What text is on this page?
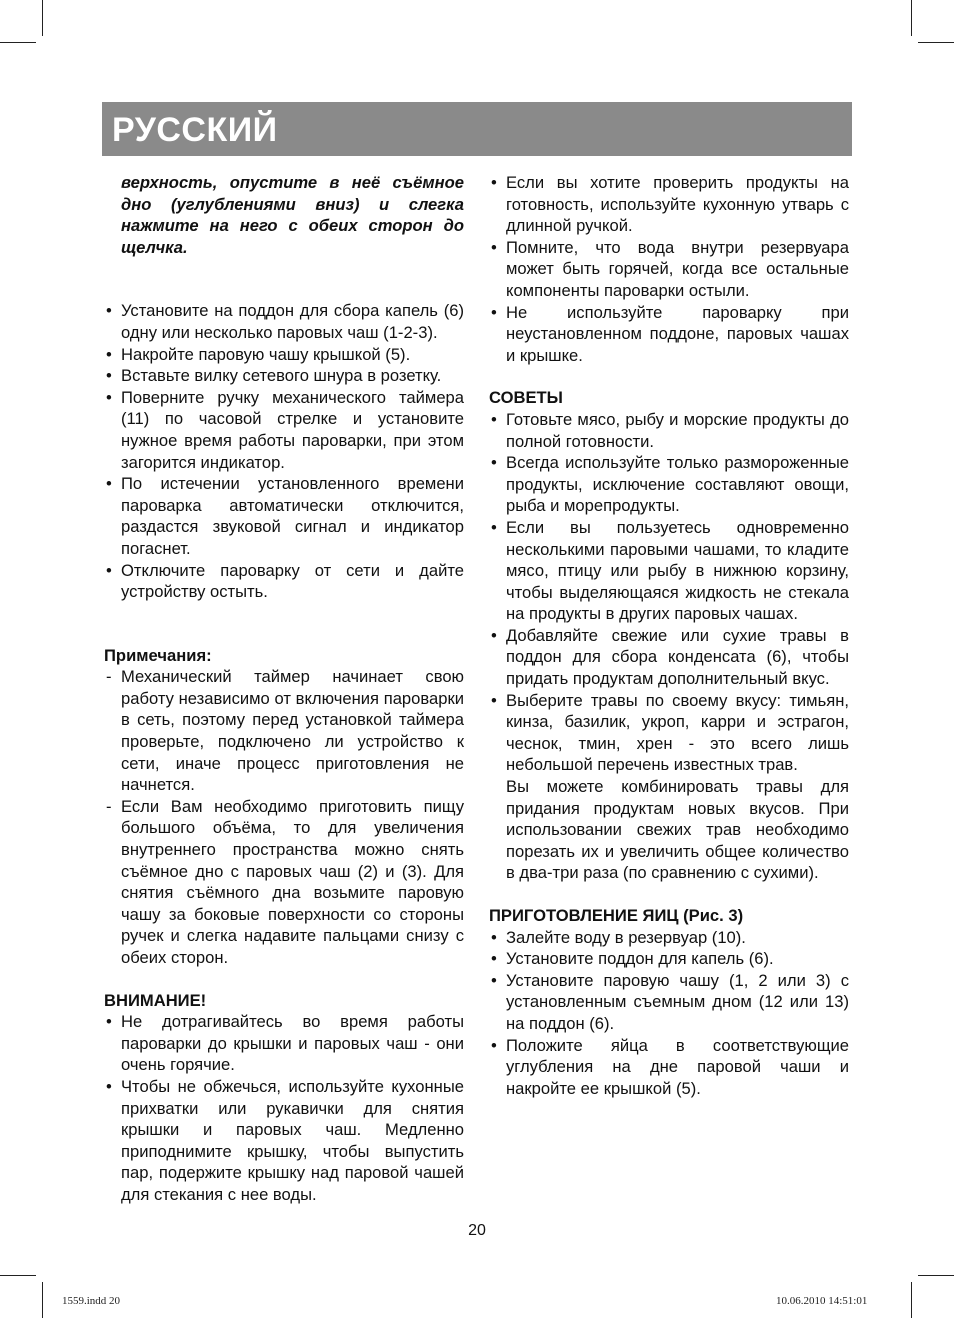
РУССКИЙ

верхность, опустите в неё съёмное дно (углублениями вниз) и слегка нажмите на него с обеих сторон до щелчка.

• Установите на поддон для сбора капель (6) одну или несколько паровых чаш (1-2-3).
• Накройте паровую чашу крышкой (5).
• Вставьте вилку сетевого шнура в розетку.
• Поверните ручку механического таймера (11) по часовой стрелке и установите нужное время работы пароварки, при этом загорится индикатор.
• По истечении установленного времени пароварка автоматически отключится, раздастся звуковой сигнал и индикатор погаснет.
• Отключите пароварку от сети и дайте устройству остыть.

Примечания:

- Механический таймер начинает свою работу независимо от включения пароварки в сеть, поэтому перед установкой таймера проверьте, подключено ли устройство к сети, иначе процесс приготовления не начнется.
- Если Вам необходимо приготовить пищу большого объёма, то для увеличения внутреннего пространства можно снять съёмное дно с паровых чаш (2) и (3). Для снятия съёмного дна возьмите паровую чашу за боковые поверхности со стороны ручек и слегка надавите пальцами снизу с обеих сторон.

ВНИМАНИЕ!

• Не дотрагивайтесь во время работы пароварки до крышки и паровых чаш - они очень горячие.
• Чтобы не обжечься, используйте кухонные прихватки или рукавички для снятия крышки и паровых чаш. Медленно приподнимите крышку, чтобы выпустить пар, подержите крышку над паровой чашей для стекания с нее воды.
• Если вы хотите проверить продукты на готовность, используйте кухонную утварь с длинной ручкой.
• Помните, что вода внутри резервуара может быть горячей, когда все остальные компоненты пароварки остыли.
• Не используйте пароварку при неустановленном поддоне, паровых чашах и крышке.

СОВЕТЫ

• Готовьте мясо, рыбу и морские продукты до полной готовности.
• Всегда используйте только размороженные продукты, исключение составляют овощи, рыба и морепродукты.
• Если вы пользуетесь одновременно несколькими паровыми чашами, то кладите мясо, птицу или рыбу в нижнюю корзину, чтобы выделяющаяся жидкость не стекала на продукты в других паровых чашах.
• Добавляйте свежие или сухие травы в поддон для сбора конденсата (6), чтобы придать продуктам дополнительный вкус.
• Выберите травы по своему вкусу: тимьян, кинза, базилик, укроп, карри и эстрагон, чеснок, тмин, хрен - это всего лишь небольшой перечень известных трав.
Вы можете комбинировать травы для придания продуктам новых вкусов. При использовании свежих трав необходимо порезать их и увеличить общее количество в два-три раза (по сравнению с сухими).

ПРИГОТОВЛЕНИЕ ЯИЦ (Рис. 3)

• Залейте воду в резервуар (10).
• Установите поддон для капель (6).
• Установите паровую чашу (1, 2 или 3) с установленным съемным дном (12 или 13) на поддон (6).
• Положите яйца в соответствующие углубления на дне паровой чаши и накройте ее крышкой (5).
20
1559.indd 20	10.06.2010 14:51:01
